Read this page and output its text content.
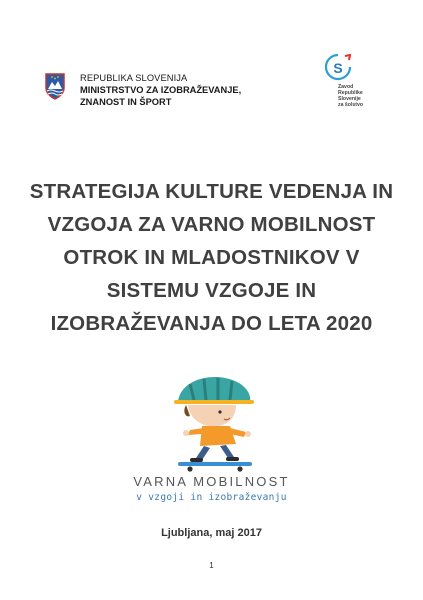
REPUBLIKA SLOVENIJA
MINISTRSTVO ZA IZOBRAŽEVANJE,
ZNANOST IN ŠPORT
S
Zavod
Republike
Slovenije
za šolstvo
STRATEGIJA KULTURE VEDENJA IN
VZGOJA ZA VARNO MOBILNOST
OTROK IN MLADOSTNIKOV V
SISTEMU VZGOJE IN
IZOBRAŽEVANJA DO LETA 2020
VARNA MOBILNOST
v vzgoji in izobraževanju
Ljubljana, maj 2017
1
